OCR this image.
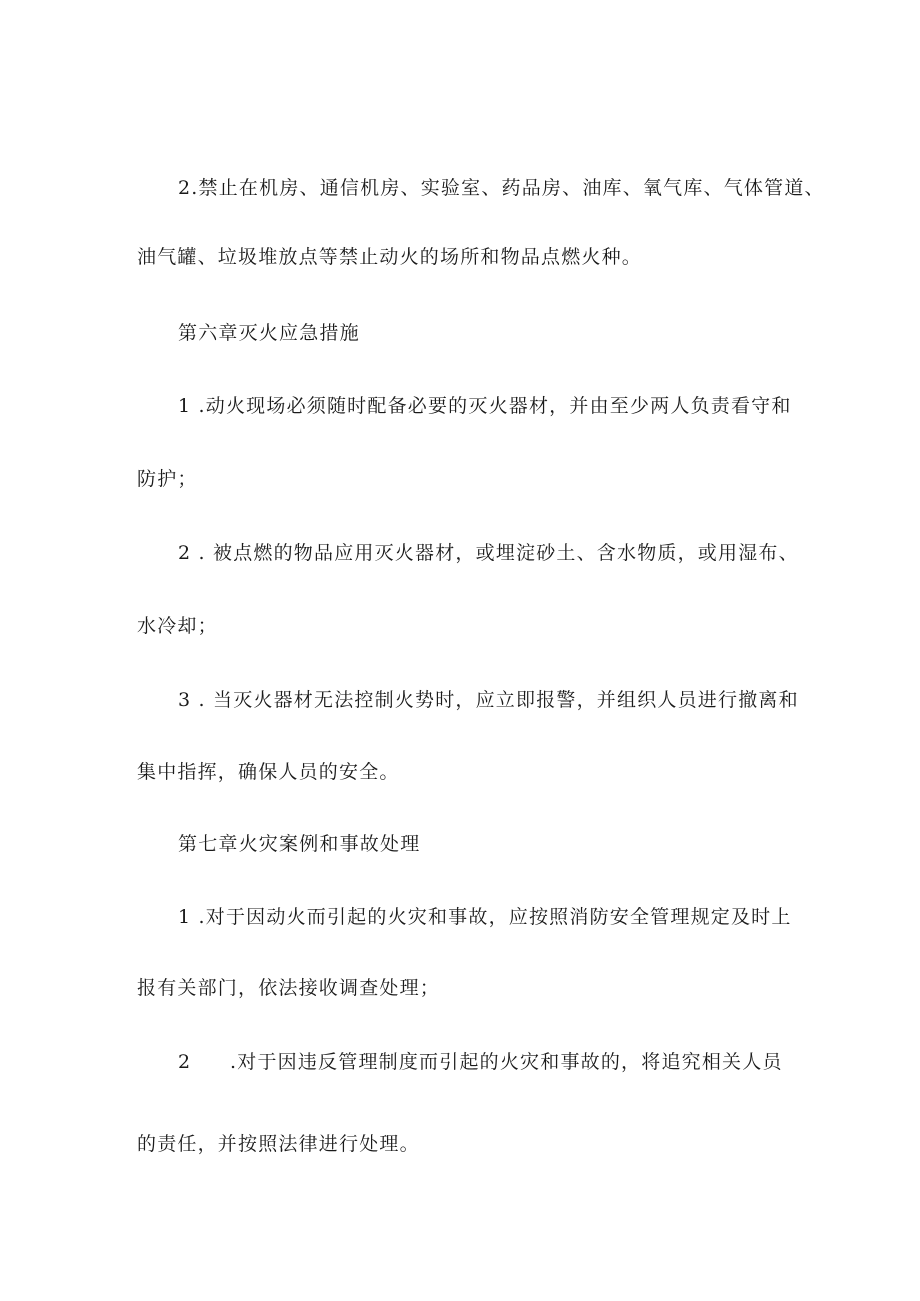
2.禁止在机房、通信机房、实验室、药品房、油库、氧气库、气体管道、

油气罐、垃圾堆放点等禁止动火的场所和物品点燃火种。

第六章灭火应急措施

1 .动火现场必须随时配备必要的灭火器材，并由至少两人负责看守和

防护；

2 . 被点燃的物品应用灭火器材，或埋淀砂土、含水物质，或用湿布、

水冷却；

3 . 当灭火器材无法控制火势时，应立即报警，并组织人员进行撤离和

集中指挥，确保人员的安全。

第七章火灾案例和事故处理

1 .对于因动火而引起的火灾和事故，应按照消防安全管理规定及时上

报有关部门，依法接收调查处理；

2 .对于因违反管理制度而引起的火灾和事故的，将追究相关人员

的责任，并按照法律进行处理。
